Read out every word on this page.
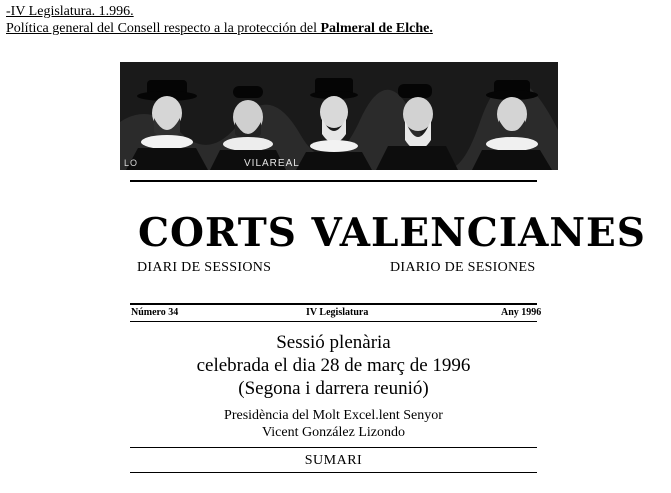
-IV Legislatura. 1.996.
Política general del Consell respecto a la protección del Palmeral de Elche.
LO	VILAREAL
CORTS VALENCIANES
DIARI DE SESSIONS	DIARIO DE SESIONES
Número 34	IV Legislatura	Any 1996
Sessió plenària
celebrada el dia 28 de març de 1996
(Segona i darrera reunió)
Presidència del Molt Excel.lent Senyor
Vicent González Lizondo
SUMARI
